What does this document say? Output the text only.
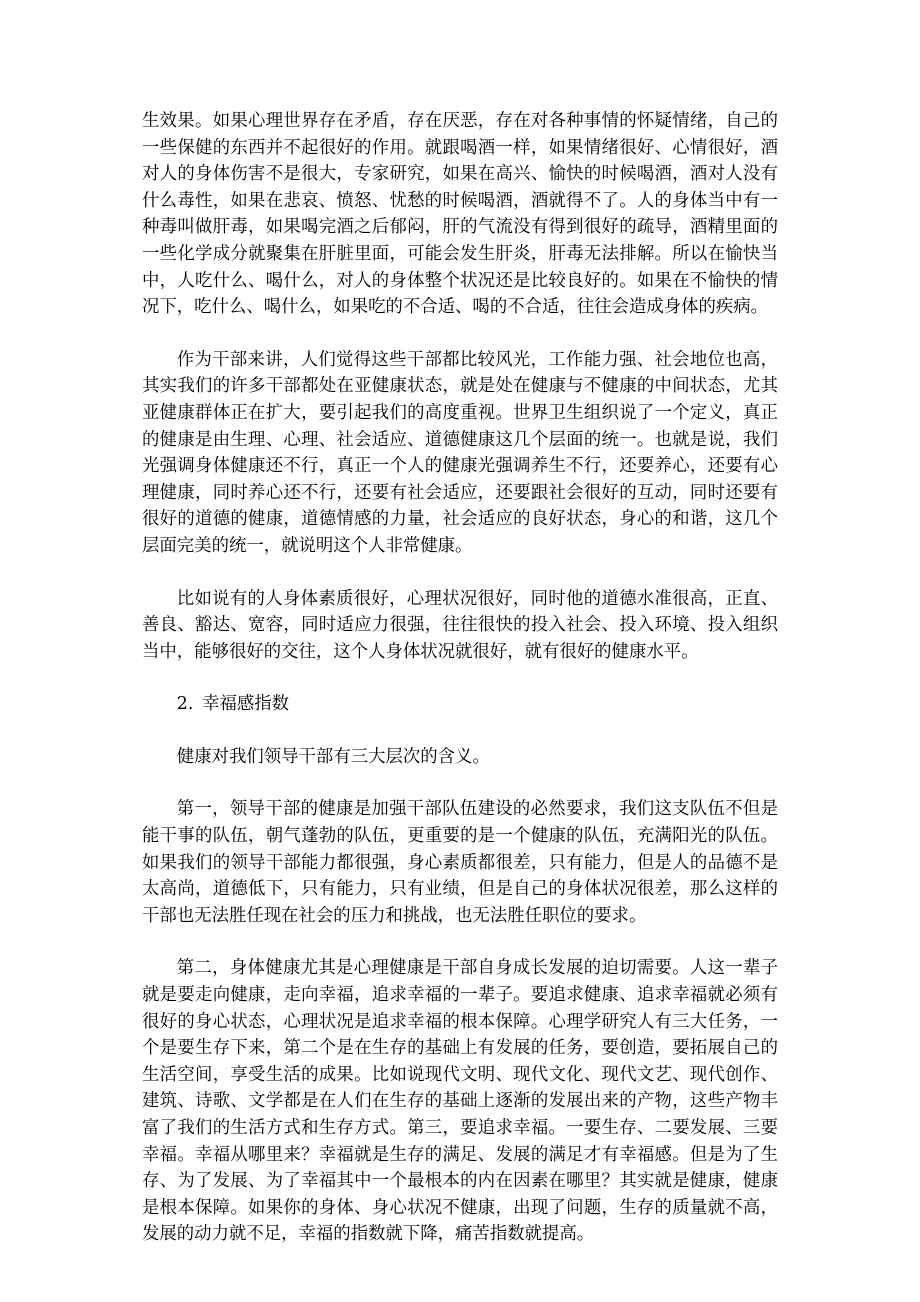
生效果。如果心理世界存在矛盾，存在厌恶，存在对各种事情的怀疑情绪，自己的一些保健的东西并不起很好的作用。就跟喝酒一样，如果情绪很好、心情很好，酒对人的身体伤害不是很大，专家研究，如果在高兴、愉快的时候喝酒，酒对人没有什么毒性，如果在悲哀、愤怒、忧愁的时候喝酒，酒就得不了。人的身体当中有一种毒叫做肝毒，如果喝完酒之后郁闷，肝的气流没有得到很好的疏导，酒精里面的一些化学成分就聚集在肝脏里面，可能会发生肝炎，肝毒无法排解。所以在愉快当中，人吃什么、喝什么，对人的身体整个状况还是比较良好的。如果在不愉快的情况下，吃什么、喝什么，如果吃的不合适、喝的不合适，往往会造成身体的疾病。

作为干部来讲，人们觉得这些干部都比较风光，工作能力强、社会地位也高，其实我们的许多干部都处在亚健康状态，就是处在健康与不健康的中间状态，尤其亚健康群体正在扩大，要引起我们的高度重视。世界卫生组织说了一个定义，真正的健康是由生理、心理、社会适应、道德健康这几个层面的统一。也就是说，我们光强调身体健康还不行，真正一个人的健康光强调养生不行，还要养心，还要有心理健康，同时养心还不行，还要有社会适应，还要跟社会很好的互动，同时还要有很好的道德的健康，道德情感的力量，社会适应的良好状态，身心的和谐，这几个层面完美的统一，就说明这个人非常健康。

比如说有的人身体素质很好，心理状况很好，同时他的道德水准很高，正直、善良、豁达、宽容，同时适应力很强，往往很快的投入社会、投入环境、投入组织当中，能够很好的交往，这个人身体状况就很好，就有很好的健康水平。

2. 幸福感指数

健康对我们领导干部有三大层次的含义。

第一，领导干部的健康是加强干部队伍建设的必然要求，我们这支队伍不但是能干事的队伍，朝气蓬勃的队伍，更重要的是一个健康的队伍，充满阳光的队伍。如果我们的领导干部能力都很强，身心素质都很差，只有能力，但是人的品德不是太高尚，道德低下，只有能力，只有业绩，但是自己的身体状况很差，那么这样的干部也无法胜任现在社会的压力和挑战，也无法胜任职位的要求。

第二，身体健康尤其是心理健康是干部自身成长发展的迫切需要。人这一辈子就是要走向健康，走向幸福，追求幸福的一辈子。要追求健康、追求幸福就必须有很好的身心状态，心理状况是追求幸福的根本保障。心理学研究人有三大任务，一个是要生存下来，第二个是在生存的基础上有发展的任务，要创造，要拓展自己的生活空间，享受生活的成果。比如说现代文明、现代文化、现代文艺、现代创作、建筑、诗歌、文学都是在人们在生存的基础上逐渐的发展出来的产物，这些产物丰富了我们的生活方式和生存方式。第三，要追求幸福。一要生存、二要发展、三要幸福。幸福从哪里来？幸福就是生存的满足、发展的满足才有幸福感。但是为了生存、为了发展、为了幸福其中一个最根本的内在因素在哪里？其实就是健康，健康是根本保障。如果你的身体、身心状况不健康，出现了问题，生存的质量就不高，发展的动力就不足，幸福的指数就下降，痛苦指数就提高。
